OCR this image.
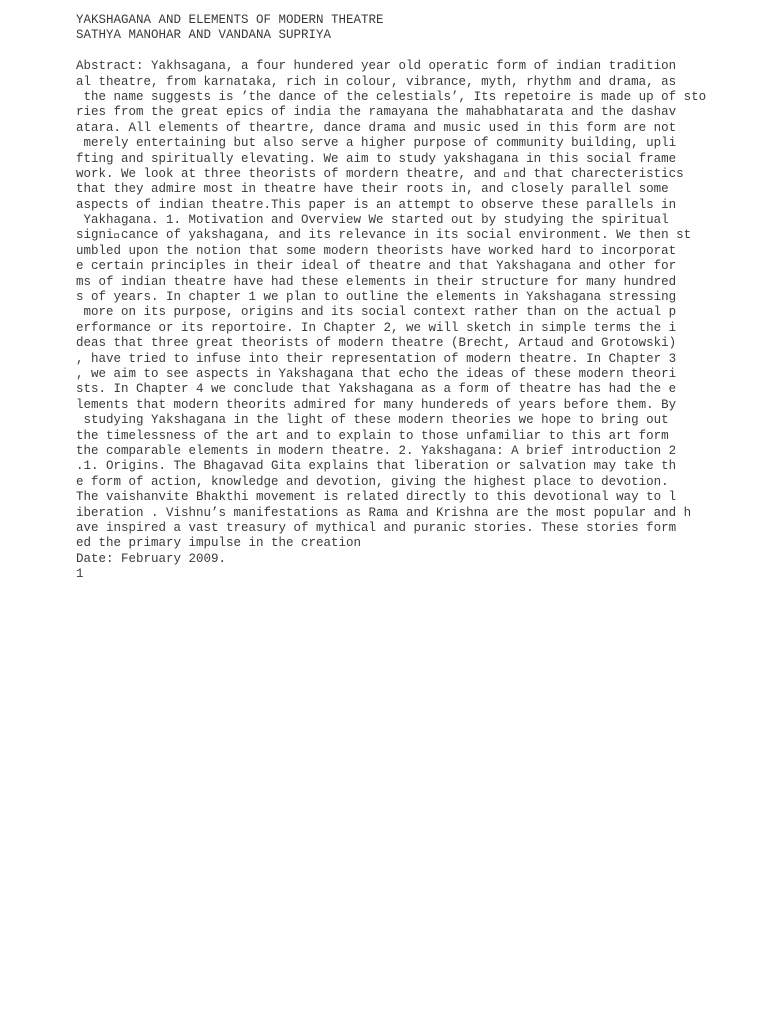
YAKSHAGANA AND ELEMENTS OF MODERN THEATRE
SATHYA MANOHAR AND VANDANA SUPRIYA
Abstract: Yakhsagana, a four hundered year old operatic form of indian tradition
al theatre, from karnataka, rich in colour, vibrance, myth, rhythm and drama, as
the name suggests is ’the dance of the celestials’, Its repetoire is made up of sto
ries from the great epics of india the ramayana the mahabhatarata and the dashav
atara. All elements of theartre, dance drama and music used in this form are not
merely entertaining but also serve a higher purpose of community building, upli
fting and spiritually elevating. We aim to study yakshagana in this social frame
work. We look at three theorists of mordern theatre, and  nd that charecteristics
that they admire most in theatre have their roots in, and closely parallel some
aspects of indian theatre.This paper is an attempt to observe these parallels in
Yakhagana. 1. Motivation and Overview We started out by studying the spiritual
signi cance of yakshagana, and its relevance in its social environment. We then st
umbled upon the notion that some modern theorists have worked hard to incorporat
e certain principles in their ideal of theatre and that Yakshagana and other for
ms of indian theatre have had these elements in their structure for many hundred
s of years. In chapter 1 we plan to outline the elements in Yakshagana stressing
more on its purpose, origins and its social context rather than on the actual p
erformance or its reportoire. In Chapter 2, we will sketch in simple terms the i
deas that three great theorists of modern theatre (Brecht, Artaud and Grotowski)
, have tried to infuse into their representation of modern theatre. In Chapter 3
, we aim to see aspects in Yakshagana that echo the ideas of these modern theori
sts. In Chapter 4 we conclude that Yakshagana as a form of theatre has had the e
lements that modern theorits admired for many hundereds of years before them. By
studying Yakshagana in the light of these modern theories we hope to bring out
the timelessness of the art and to explain to those unfamiliar to this art form
the comparable elements in modern theatre. 2. Yakshagana: A brief introduction 2
.1. Origins. The Bhagavad Gita explains that liberation or salvation may take th
e form of action, knowledge and devotion, giving the highest place to devotion.
The vaishanvite Bhakthi movement is related directly to this devotional way to l
iberation . Vishnu’s manifestations as Rama and Krishna are the most popular and h
ave inspired a vast treasury of mythical and puranic stories. These stories form
ed the primary impulse in the creation
Date: February 2009.
1
